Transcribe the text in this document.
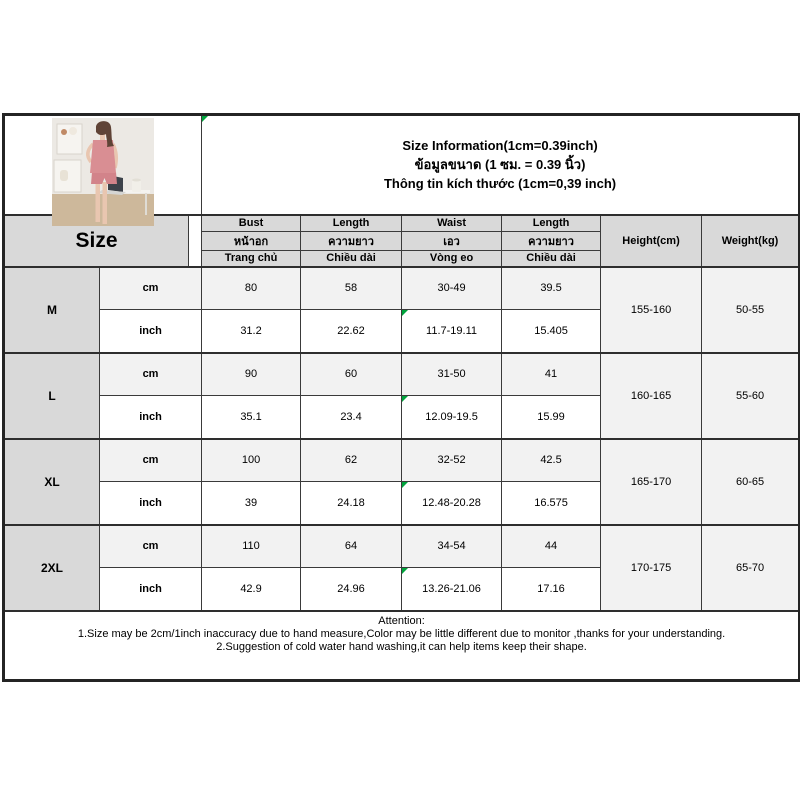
Size Information(1cm=0.39inch)
ข้อมูลขนาด (1 ซม. = 0.39 นิ้ว)
Thông tin kích thước (1cm=0,39 inch)					

Size			Bust	Length	Waist	Length	Height(cm)	Weight(kg)
			หน้าอก	ความยาว	เอว	ความยาว		
			Trang chủ	Chiều dài	Vòng eo	Chiều dài		
M	cm		80	58	30-49	39.5	155-160	50-55
	inch		31.2	22.62	11.7-19.11	15.405		
L	cm		90	60	31-50	41	160-165	55-60
	inch		35.1	23.4	12.09-19.5	15.99		
XL	cm		100	62	32-52	42.5	165-170	60-65
	inch		39	24.18	12.48-20.28	16.575		
2XL	cm		110	64	34-54	44	170-175	65-70
	inch		42.9	24.96	13.26-21.06	17.16		

Attention:
1.Size may be 2cm/1inch inaccuracy due to hand measure,Color may be little different due to monitor ,thanks for your understanding.
2.Suggestion of cold water hand washing,it can help items keep their shape.								
